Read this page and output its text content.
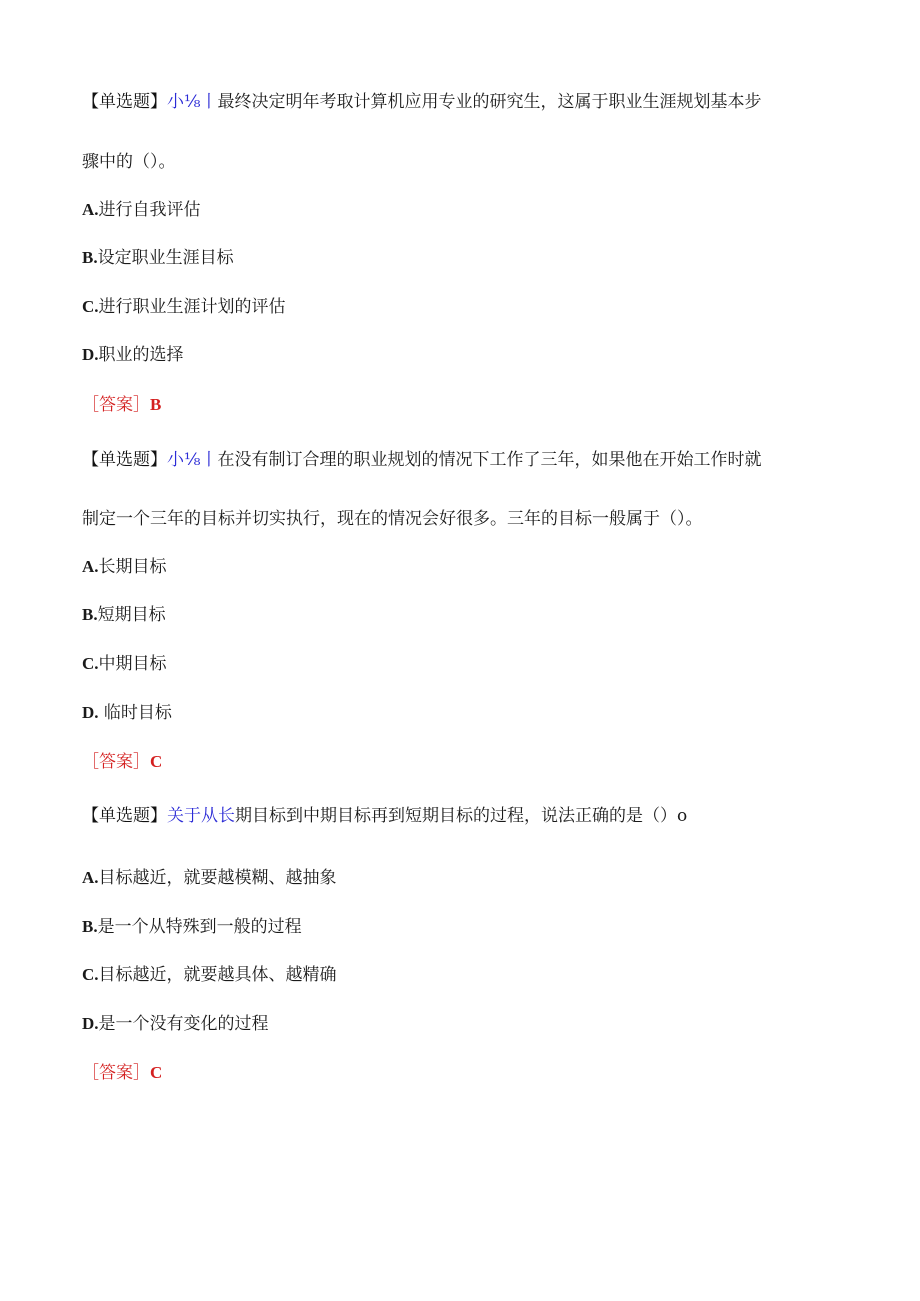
【单选题】小⅛丨最终决定明年考取计算机应用专业的研究生，这属于职业生涯规划基本步
骤中的（）。
A.进行自我评估
B.设定职业生涯目标
C.进行职业生涯计划的评估
D.职业的选择
［答案］B
【单选题】小⅛丨在没有制订合理的职业规划的情况下工作了三年，如果他在开始工作时就
制定一个三年的目标并切实执行，现在的情况会好很多。三年的目标一般属于（）。
A.长期目标
B.短期目标
C.中期目标
D. 临时目标
［答案］C
【单选题】关于从长期目标到中期目标再到短期目标的过程，说法正确的是（）o
A.目标越近，就要越模糊、越抽象
B.是一个从特殊到一般的过程
C.目标越近，就要越具体、越精确
D.是一个没有变化的过程
［答案］C
